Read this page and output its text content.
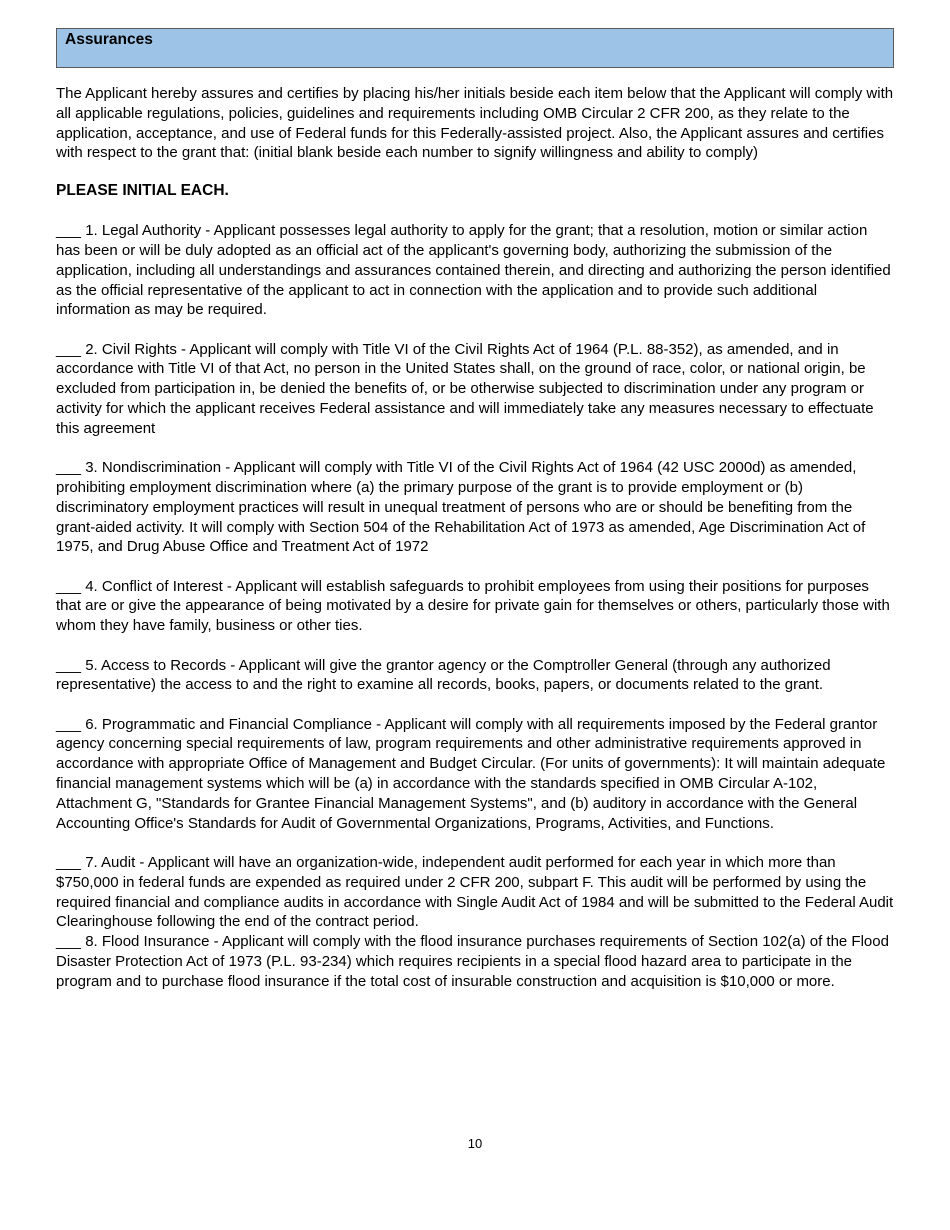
Assurances
The Applicant hereby assures and certifies by placing his/her initials beside each item below that the Applicant will comply with all applicable regulations, policies, guidelines and requirements including OMB Circular 2 CFR 200, as they relate to the application, acceptance, and use of Federal funds for this Federally-assisted project. Also, the Applicant assures and certifies with respect to the grant that: (initial blank beside each number to signify willingness and ability to comply)
PLEASE INITIAL EACH.
___ 1. Legal Authority - Applicant possesses legal authority to apply for the grant; that a resolution, motion or similar action has been or will be duly adopted as an official act of the applicant's governing body, authorizing the submission of the application, including all understandings and assurances contained therein, and directing and authorizing the person identified as the official representative of the applicant to act in connection with the application and to provide such additional information as may be required.
___ 2. Civil Rights - Applicant will comply with Title VI of the Civil Rights Act of 1964 (P.L. 88-352), as amended, and in accordance with Title VI of that Act, no person in the United States shall, on the ground of race, color, or national origin, be excluded from participation in, be denied the benefits of, or be otherwise subjected to discrimination under any program or activity for which the applicant receives Federal assistance and will immediately take any measures necessary to effectuate this agreement
___ 3. Nondiscrimination - Applicant will comply with Title VI of the Civil Rights Act of 1964 (42 USC 2000d) as amended, prohibiting employment discrimination where (a) the primary purpose of the grant is to provide employment or (b) discriminatory employment practices will result in unequal treatment of persons who are or should be benefiting from the grant-aided activity. It will comply with Section 504 of the Rehabilitation Act of 1973 as amended, Age Discrimination Act of 1975, and Drug Abuse Office and Treatment Act of 1972
___ 4. Conflict of Interest - Applicant will establish safeguards to prohibit employees from using their positions for purposes that are or give the appearance of being motivated by a desire for private gain for themselves or others, particularly those with whom they have family, business or other ties.
___ 5. Access to Records - Applicant will give the grantor agency or the Comptroller General (through any authorized representative) the access to and the right to examine all records, books, papers, or documents related to the grant.
___ 6. Programmatic and Financial Compliance - Applicant will comply with all requirements imposed by the Federal grantor agency concerning special requirements of law, program requirements and other administrative requirements approved in accordance with appropriate Office of Management and Budget Circular. (For units of governments): It will maintain adequate financial management systems which will be (a) in accordance with the standards specified in OMB Circular A-102, Attachment G, "Standards for Grantee Financial Management Systems", and (b) auditory in accordance with the General Accounting Office's Standards for Audit of Governmental Organizations, Programs, Activities, and Functions.
___ 7. Audit - Applicant will have an organization-wide, independent audit performed for each year in which more than $750,000 in federal funds are expended as required under 2 CFR 200, subpart F. This audit will be performed by using the required financial and compliance audits in accordance with Single Audit Act of 1984 and will be submitted to the Federal Audit Clearinghouse following the end of the contract period.
___ 8. Flood Insurance - Applicant will comply with the flood insurance purchases requirements of Section 102(a) of the Flood Disaster Protection Act of 1973 (P.L. 93-234) which requires recipients in a special flood hazard area to participate in the program and to purchase flood insurance if the total cost of insurable construction and acquisition is $10,000 or more.
10
